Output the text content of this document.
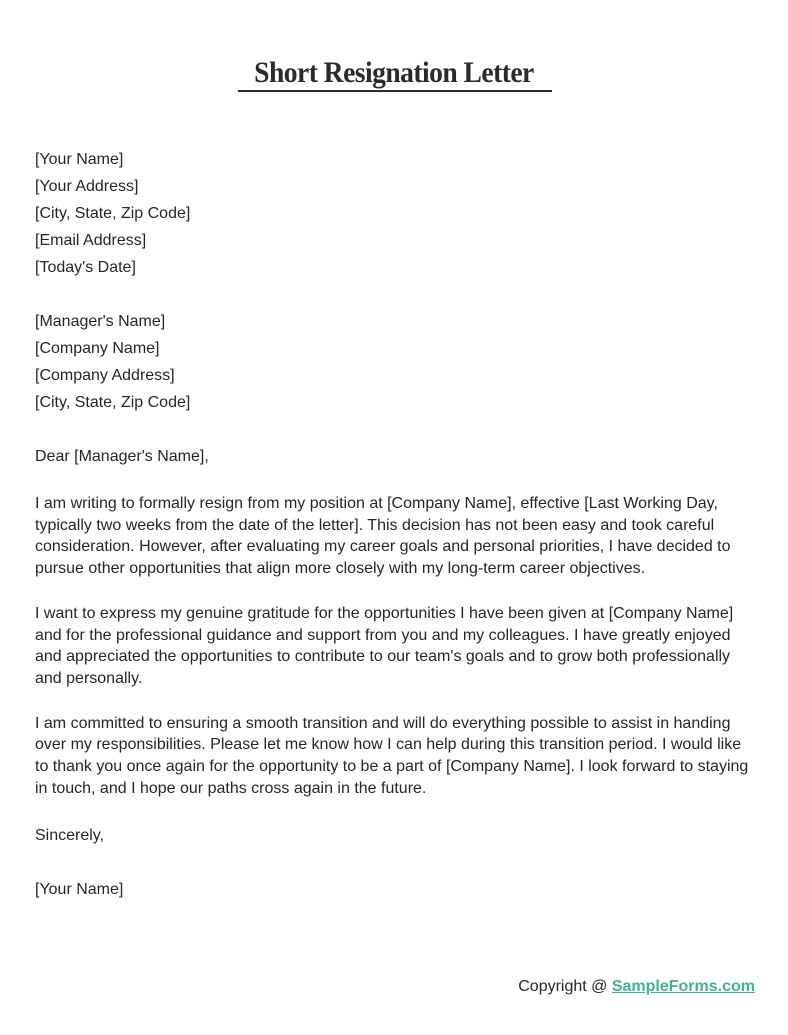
Short Resignation Letter
[Your Name]
[Your Address]
[City, State, Zip Code]
[Email Address]
[Today's Date]
[Manager's Name]
[Company Name]
[Company Address]
[City, State, Zip Code]
Dear [Manager's Name],

I am writing to formally resign from my position at [Company Name], effective [Last Working Day, typically two weeks from the date of the letter]. This decision has not been easy and took careful consideration. However, after evaluating my career goals and personal priorities, I have decided to pursue other opportunities that align more closely with my long-term career objectives.

I want to express my genuine gratitude for the opportunities I have been given at [Company Name] and for the professional guidance and support from you and my colleagues. I have greatly enjoyed and appreciated the opportunities to contribute to our team's goals and to grow both professionally and personally.

I am committed to ensuring a smooth transition and will do everything possible to assist in handing over my responsibilities. Please let me know how I can help during this transition period. I would like to thank you once again for the opportunity to be a part of [Company Name]. I look forward to staying in touch, and I hope our paths cross again in the future.

Sincerely,
[Your Name]
Copyright @ SampleForms.com
